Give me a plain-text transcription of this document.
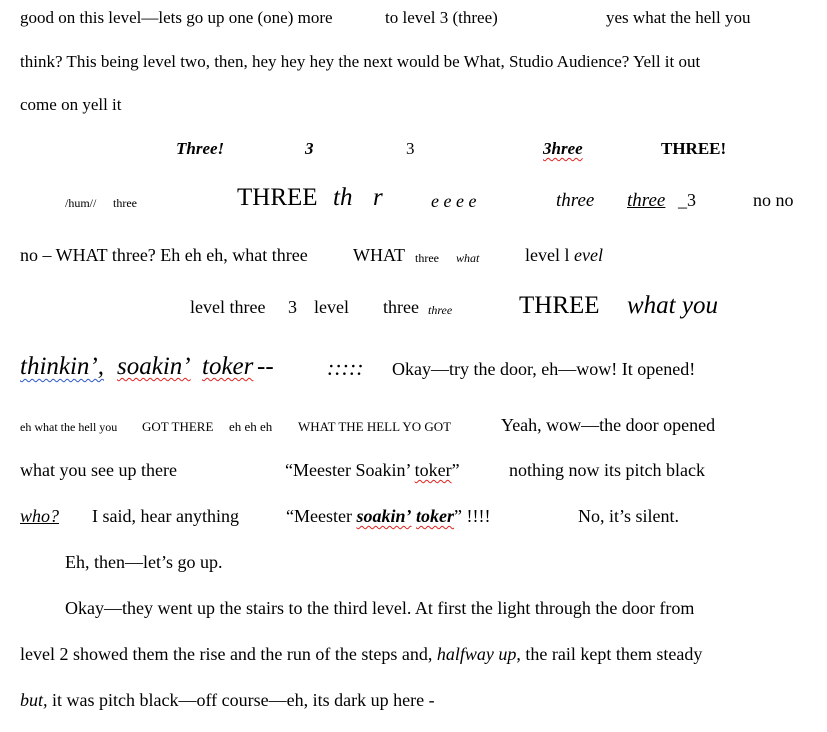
good on this level—lets go up one (one) more	to level 3 (three)	yes what the hell you
think? This being level two, then, hey hey hey the next would be What, Studio Audience? Yell it out
come on yell it
Three!	3	3	3hree	THREE!
/hum// three	THREE th r	e e e e	three three _3	no no
no – WHAT three? Eh eh eh, what three	WHAT three what	level l evel
level three 3 level three three	THREE what you
thinkin’, soakin’ toker -- ::::: Okay—try the door, eh—wow! It opened!
eh what the hell you GOT THERE eh eh eh WHAT THE HELL YO GOT	Yeah, wow—the door opened
what you see up there	“Meester Soakin’ toker”	nothing now its pitch black
who? I said, hear anything	“Meester soakin’ toker” !!!!	No, it’s silent.
Eh, then—let’s go up.
Okay—they went up the stairs to the third level. At first the light through the door from
level 2 showed them the rise and the run of the steps and, halfway up, the rail kept them steady
but, it was pitch black—off course—eh, its dark up here -
